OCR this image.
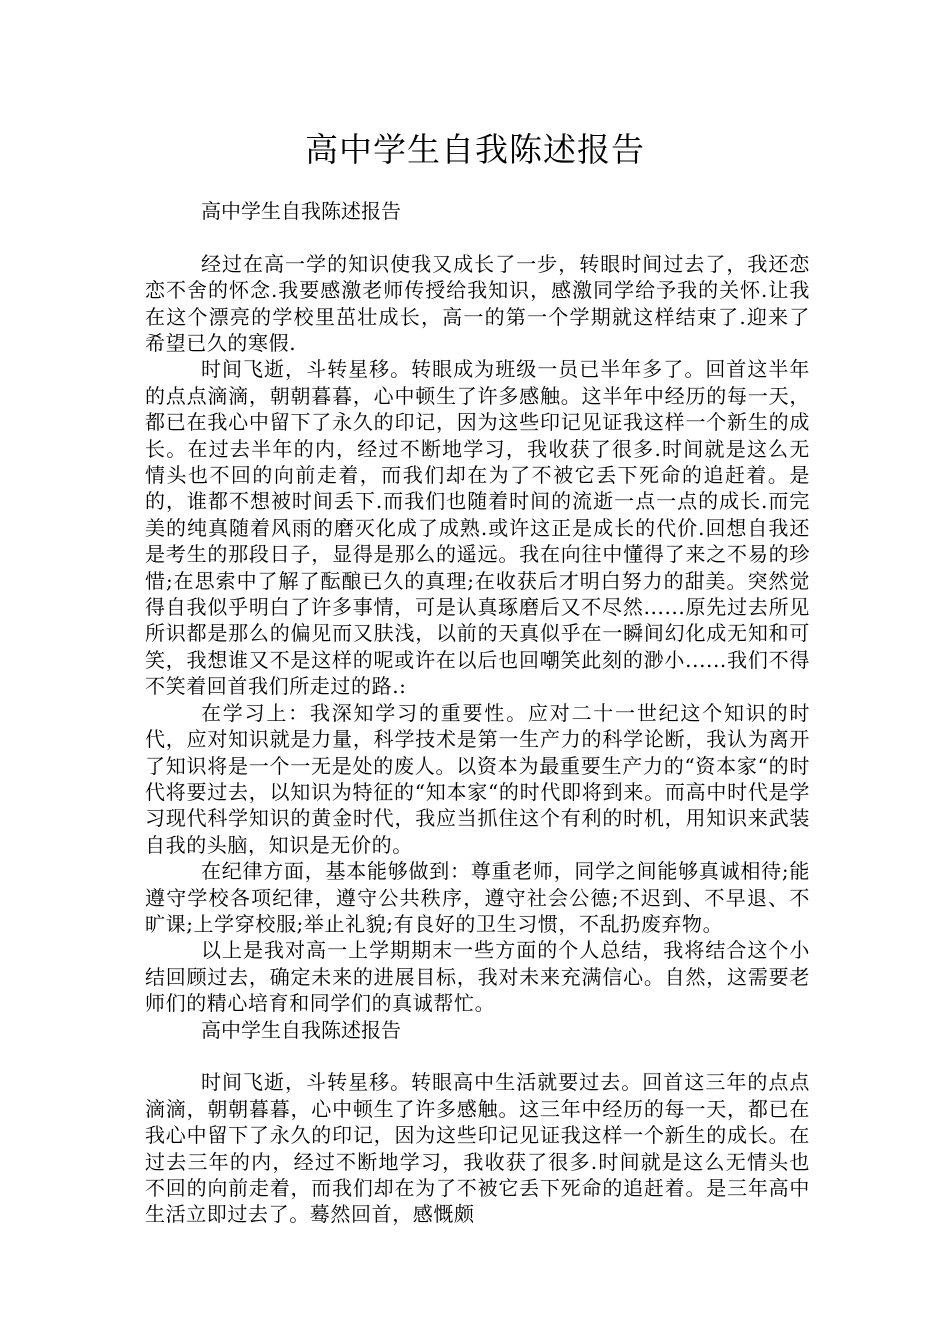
高中学生自我陈述报告

高中学生自我陈述报告

经过在高一学的知识使我又成长了一步，转眼时间过去了，我还恋恋不舍的怀念.我要感激老师传授给我知识，感激同学给予我的关怀.让我在这个漂亮的学校里茁壮成长，高一的第一个学期就这样结束了.迎来了希望已久的寒假.

时间飞逝，斗转星移。转眼成为班级一员已半年多了。回首这半年的点点滴滴，朝朝暮暮，心中顿生了许多感触。这半年中经历的每一天，都已在我心中留下了永久的印记，因为这些印记见证我这样一个新生的成长。在过去半年的内，经过不断地学习，我收获了很多.时间就是这么无情头也不回的向前走着，而我们却在为了不被它丢下死命的追赶着。是的，谁都不想被时间丢下.而我们也随着时间的流逝一点一点的成长.而完美的纯真随着风雨的磨灭化成了成熟.或许这正是成长的代价.回想自我还是考生的那段日子，显得是那么的遥远。我在向往中懂得了来之不易的珍惜;在思索中了解了酝酿已久的真理;在收获后才明白努力的甜美。突然觉得自我似乎明白了许多事情，可是认真琢磨后又不尽然......原先过去所见所识都是那么的偏见而又肤浅，以前的天真似乎在一瞬间幻化成无知和可笑，我想谁又不是这样的呢或许在以后也回嘲笑此刻的渺小......我们不得不笑着回首我们所走过的路.:

在学习上：我深知学习的重要性。应对二十一世纪这个知识的时代，应对知识就是力量，科学技术是第一生产力的科学论断，我认为离开了知识将是一个一无是处的废人。以资本为最重要生产力的“资本家“的时代将要过去，以知识为特征的“知本家“的时代即将到来。而高中时代是学习现代科学知识的黄金时代，我应当抓住这个有利的时机，用知识来武装自我的头脑，知识是无价的。

在纪律方面，基本能够做到：尊重老师，同学之间能够真诚相待;能遵守学校各项纪律，遵守公共秩序，遵守社会公德;不迟到、不早退、不旷课;上学穿校服;举止礼貌;有良好的卫生习惯，不乱扔废弃物。

以上是我对高一上学期期末一些方面的个人总结，我将结合这个小结回顾过去，确定未来的进展目标，我对未来充满信心。自然，这需要老师们的精心培育和同学们的真诚帮忙。

高中学生自我陈述报告

时间飞逝，斗转星移。转眼高中生活就要过去。回首这三年的点点滴滴，朝朝暮暮，心中顿生了许多感触。这三年中经历的每一天，都已在我心中留下了永久的印记，因为这些印记见证我这样一个新生的成长。在过去三年的内，经过不断地学习，我收获了很多.时间就是这么无情头也不回的向前走着，而我们却在为了不被它丢下死命的追赶着。是三年高中生活立即过去了。蓦然回首，感慨颇
